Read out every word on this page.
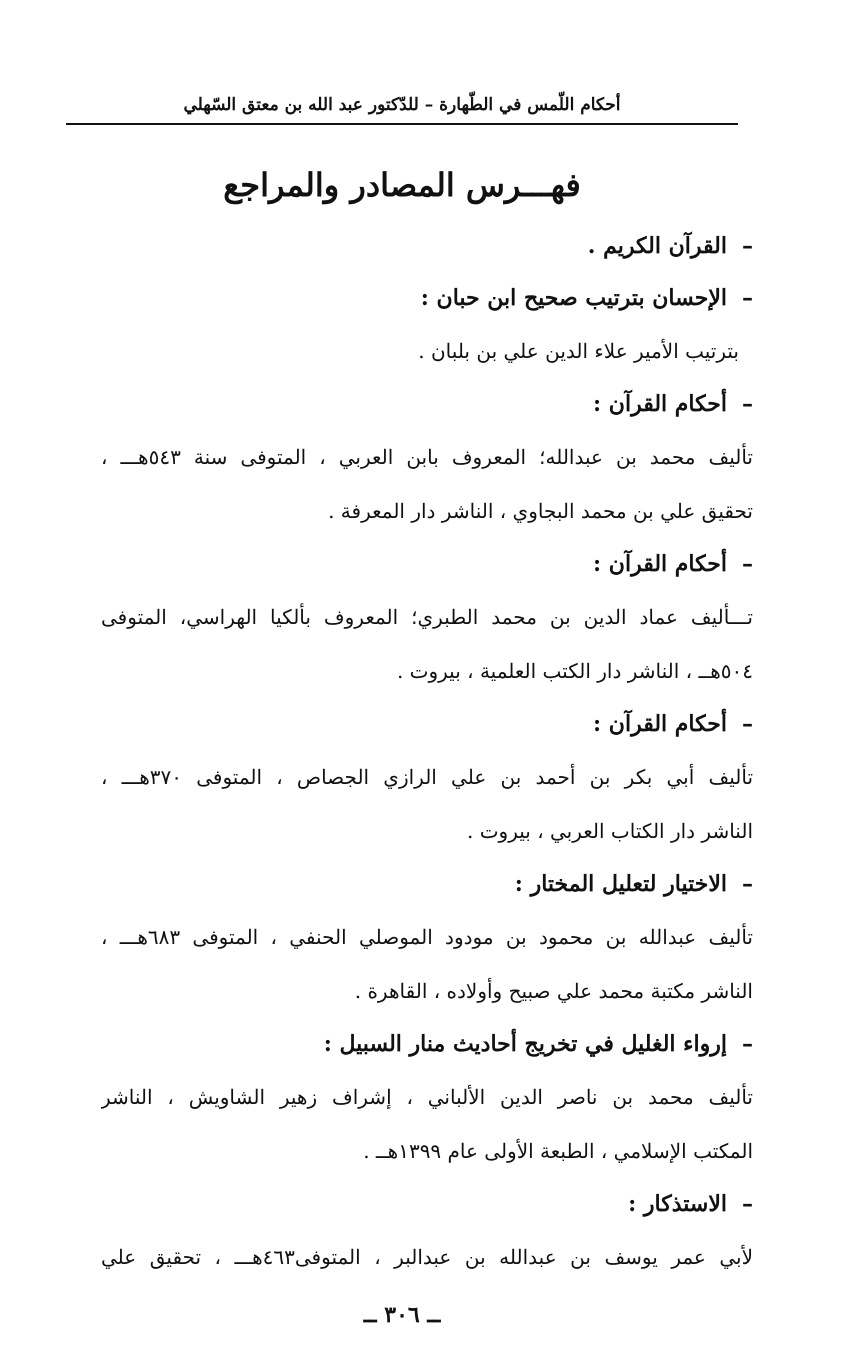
أحكام اللّمس في الطّهارة – للدّكتور عبد الله بن معتق السّهلي
فهـــرس المصادر والمراجع
–القرآن الكريم .
–الإحسان بترتيب صحيح ابن حبان :
بترتيب الأمير علاء الدين علي بن بلبان .
–أحكام القرآن :
تأليف محمد بن عبدالله؛ المعروف بابن العربي ، المتوفى سنة ٥٤٣هـــ ،
تحقيق علي بن محمد البجاوي ، الناشر دار المعرفة .
–أحكام القرآن :
تـــأليف عماد الدين بن محمد الطبري؛ المعروف بألكيا الهراسي، المتوفى
٥٠٤هــ ، الناشر دار الكتب العلمية ، بيروت .
–أحكام القرآن :
تأليف أبي بكر بن أحمد بن علي الرازي الجصاص ، المتوفى ٣٧٠هـــ ،
الناشر دار الكتاب العربي ، بيروت .
–الاختيار لتعليل المختار :
تأليف عبدالله بن محمود بن مودود الموصلي الحنفي ، المتوفى ٦٨٣هـــ ،
الناشر مكتبة محمد علي صبيح وأولاده ، القاهرة .
–إرواء الغليل في تخريج أحاديث منار السبيل :
تأليف محمد بن ناصر الدين الألباني ، إشراف زهير الشاويش ، الناشر
المكتب الإسلامي ، الطبعة الأولى عام ١٣٩٩هــ .
–الاستذكار :
لأبي عمر يوسف بن عبدالله بن عبدالبر ، المتوفى٤٦٣هـــ ، تحقيق علي
ــ ٣٠٦ ــ
